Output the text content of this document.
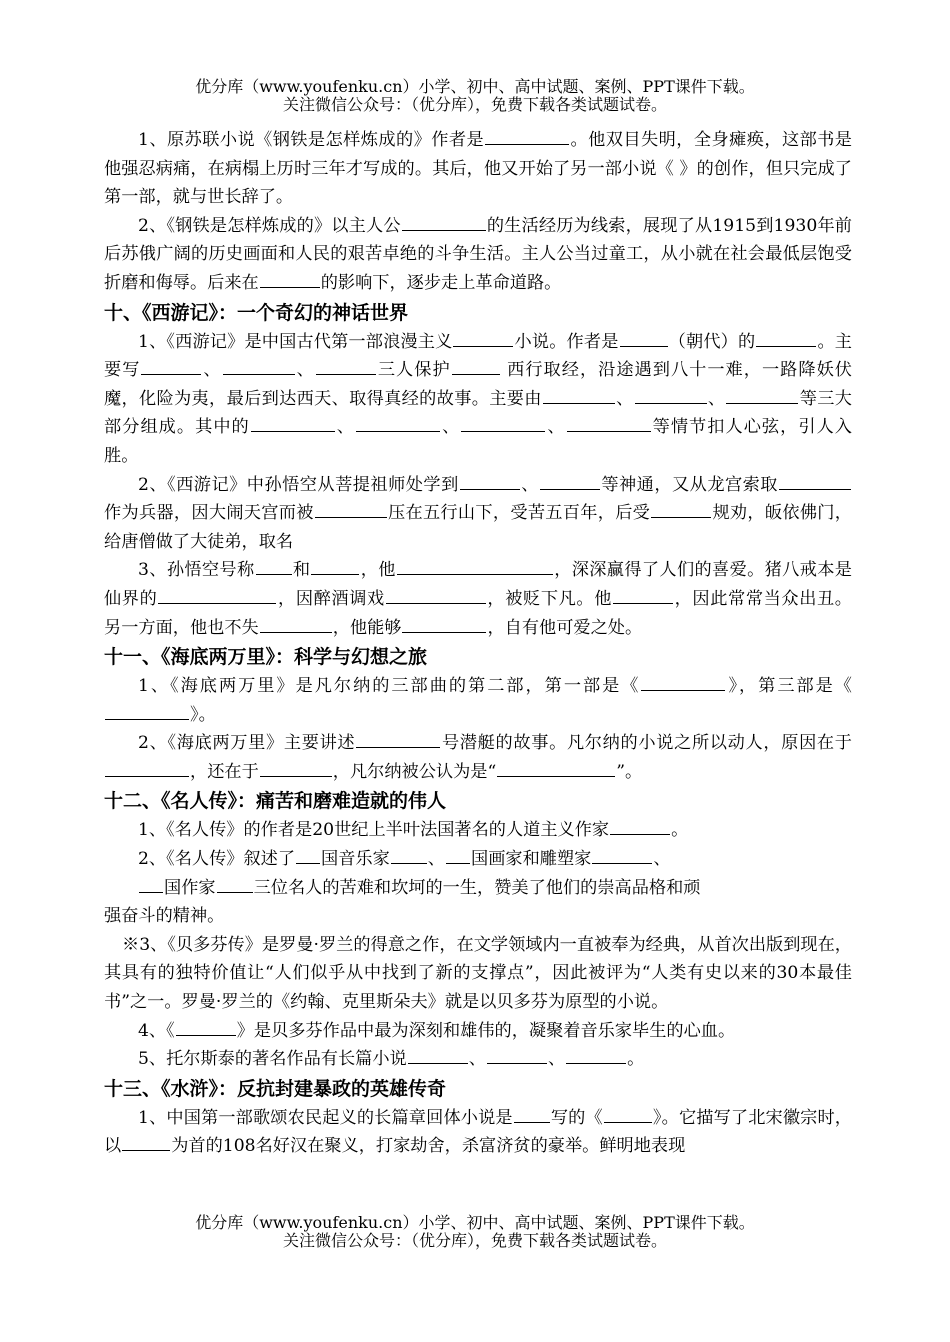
优分库（www.youfenku.cn）小学、初中、高中试题、案例、PPT课件下载。
关注微信公众号：（优分库），免费下载各类试题试卷。

1、原苏联小说《钢铁是怎样炼成的》作者是	。他双目失明，全身瘫痪，这部书是他强忍病痛，在病榻上历时三年才写成的。其后，他又开始了另一部小说《 》的创作，但只完成了第一部，就与世长辞了。

2、《钢铁是怎样炼成的》以主人公	的生活经历为线索，展现了从1915到1930年前后苏俄广阔的历史画面和人民的艰苦卓绝的斗争生活。主人公当过童工，从小就在社会最低层饱受折磨和侮辱。后来在	的影响下，逐步走上革命道路。

十、《西游记》：一个奇幻的神话世界

1、《西游记》是中国古代第一部浪漫主义	小说。作者是	（朝代）的	。主要写	、	、	三人保护	西行取经，沿途遇到八十一难，一路降妖伏魔，化险为夷，最后到达西天、取得真经的故事。主要由	、	、	等三大部分组成。其中的	、	、	、	等情节扣人心弦，引人入胜。

2、《西游记》中孙悟空从菩提祖师处学到	、	等神通，又从龙宫索取作为兵器，因大闹天宫而被	压在五行山下，受苦五百年，后受	规劝，皈依佛门，给唐僧做了大徒弟，取名

3、孙悟空号称 和	，他	，深深赢得了人们的喜爱。猪八戒本是仙界的	，因醉酒调戏	，被贬下凡。他	，因此常常当众出丑。另一方面，他也不失	，他能够	，自有他可爱之处。

十一、《海底两万里》：科学与幻想之旅

1、《海底两万里》是凡尔纳的三部曲的第二部，第一部是《	》，第三部是《》。

2、《海底两万里》主要讲述	号潜艇的故事。凡尔纳的小说之所以动人，原因在于，还在于	，凡尔纳被公认为是“	”。

十二、《名人传》：痛苦和磨难造就的伟人

1、《名人传》的作者是20世纪上半叶法国著名的人道主义作家	。

2、《名人传》叙述了 国音乐家 、 国画家和雕塑家	、

国作家 三位名人的苦难和坎坷的一生，赞美了他们的崇高品格和顽

强奋斗的精神。

※3、《贝多芬传》是罗曼·罗兰的得意之作，在文学领域内一直被奉为经典，从首次出版到现在，其具有的独特价值让“人们似乎从中找到了新的支撑点”，因此被评为“人类有史以来的30本最佳书”之一。罗曼·罗兰的《约翰、克里斯朵夫》就是以贝多芬为原型的小说。

4、《	》是贝多芬作品中最为深刻和雄伟的，凝聚着音乐家毕生的心血。

5、托尔斯泰的著名作品有长篇小说	、	、	。

十三、《水浒》：反抗封建暴政的英雄传奇

1、中国第一部歌颂农民起义的长篇章回体小说是 写的《	》。它描写了北宋徽宗时，以	为首的108名好汉在聚义，打家劫舍，杀富济贫的豪举。鲜明地表现

优分库（www.youfenku.cn）小学、初中、高中试题、案例、PPT课件下载。
关注微信公众号：（优分库），免费下载各类试题试卷。
